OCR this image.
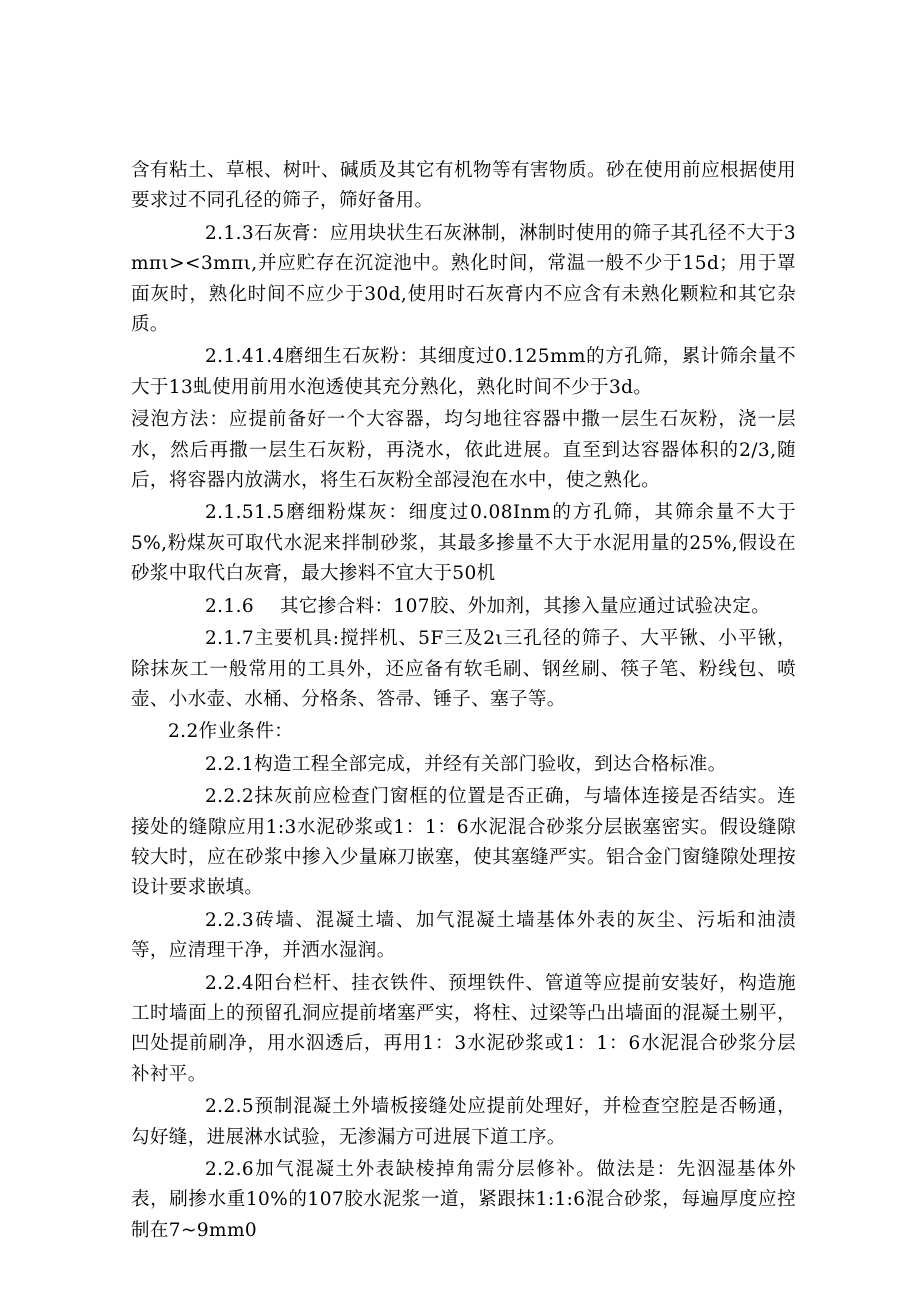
含有粘土、草根、树叶、碱质及其它有机物等有害物质。砂在使用前应根据使用要求过不同孔径的筛子，筛好备用。

2.1.3石灰膏：应用块状生石灰淋制，淋制时使用的筛子其孔径不大于3mπι><3mπι,并应贮存在沉淀池中。熟化时间，常温一般不少于15d；用于罩面灰时，熟化时间不应少于30d,使用时石灰膏内不应含有未熟化颗粒和其它杂质。

2.1.41.4磨细生石灰粉：其细度过0.125mm的方孔筛，累计筛余量不大于13虬使用前用水泡透使其充分熟化，熟化时间不少于3d。

浸泡方法：应提前备好一个大容器，均匀地往容器中撒一层生石灰粉，浇一层水，然后再撒一层生石灰粉，再浇水，依此进展。直至到达容器体积的2/3,随后，将容器内放满水，将生石灰粉全部浸泡在水中，使之熟化。

2.1.51.5磨细粉煤灰：细度过0.08Inm的方孔筛，其筛余量不大于5%,粉煤灰可取代水泥来拌制砂浆，其最多掺量不大于水泥用量的25%,假设在砂浆中取代白灰膏，最大掺料不宜大于50机

2.1.6 其它掺合料：107胶、外加剂，其掺入量应通过试验决定。

2.1.7主要机具:搅拌机、5F三及2ι三孔径的筛子、大平锹、小平锹，除抹灰工一般常用的工具外，还应备有软毛刷、钢丝刷、筷子笔、粉线包、喷壶、小水壶、水桶、分格条、答帚、锤子、塞子等。

2.2作业条件：

2.2.1构造工程全部完成，并经有关部门验收，到达合格标准。

2.2.2抹灰前应检查门窗框的位置是否正确，与墙体连接是否结实。连接处的缝隙应用1:3水泥砂浆或1：1：6水泥混合砂浆分层嵌塞密实。假设缝隙较大时，应在砂浆中掺入少量麻刀嵌塞，使其塞缝严实。铝合金门窗缝隙处理按设计要求嵌填。

2.2.3砖墙、混凝土墙、加气混凝土墙基体外表的灰尘、污垢和油渍等，应清理干净，并洒水湿润。

2.2.4阳台栏杆、挂衣铁件、预埋铁件、管道等应提前安装好，构造施工时墙面上的预留孔洞应提前堵塞严实，将柱、过梁等凸出墙面的混凝土剔平，凹处提前刷净，用水泅透后，再用1：3水泥砂浆或1：1：6水泥混合砂浆分层补衬平。

2.2.5预制混凝土外墙板接缝处应提前处理好，并检查空腔是否畅通，勾好缝，进展淋水试验，无渗漏方可进展下道工序。

2.2.6加气混凝土外表缺棱掉角需分层修补。做法是：先泅湿基体外表，刷掺水重10%的107胶水泥浆一道，紧跟抹1:1:6混合砂浆，每遍厚度应控制在7~9mm0
